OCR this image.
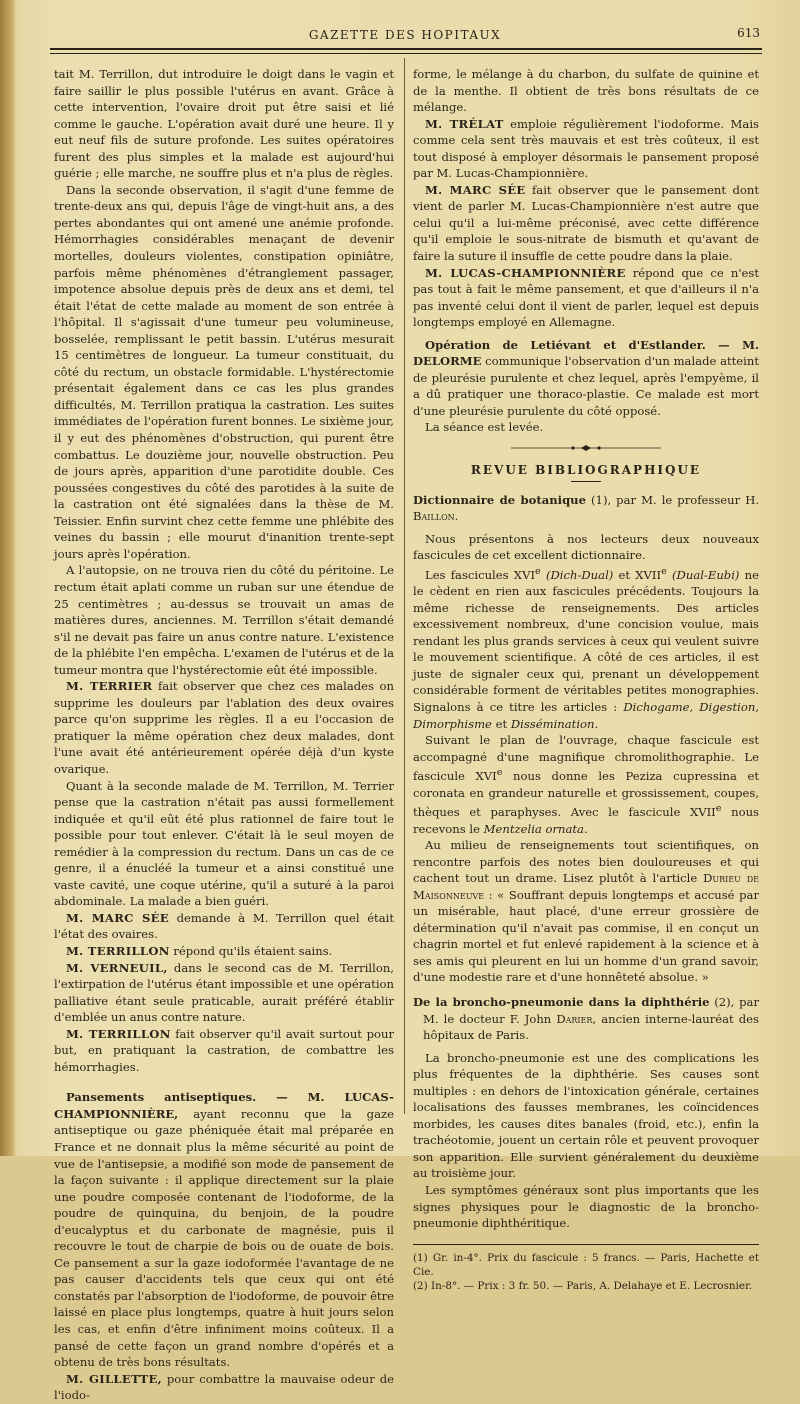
GAZETTE DES HOPITAUX	613

tait M. Terrillon, dut introduire le doigt dans le vagin et faire saillir le plus possible l'utérus en avant. Grâce à cette intervention, l'ovaire droit put être saisi et lié comme le gauche. L'opération avait duré une heure. Il y eut neuf fils de suture profonde. Les suites opératoires furent des plus simples et la malade est aujourd'hui guérie ; elle marche, ne souffre plus et n'a plus de règles.

Dans la seconde observation, il s'agit d'une femme de trente-deux ans qui, depuis l'âge de vingt-huit ans, a des pertes abondantes qui ont amené une anémie profonde. Hémorrhagies considérables menaçant de devenir mortelles, douleurs violentes, constipation opiniâtre, parfois même phénomènes d'étranglement passager, impotence absolue depuis près de deux ans et demi, tel était l'état de cette malade au moment de son entrée à l'hôpital. Il s'agissait d'une tumeur peu volumineuse, bosselée, remplissant le petit bassin. L'utérus mesurait 15 centimètres de longueur. La tumeur constituait, du côté du rectum, un obstacle formidable. L'hystérectomie présentait également dans ce cas les plus grandes difficultés, M. Terrillon pratiqua la castration. Les suites immédiates de l'opération furent bonnes. Le sixième jour, il y eut des phénomènes d'obstruction, qui purent être combattus. Le douzième jour, nouvelle obstruction. Peu de jours après, apparition d'une parotidite double. Ces poussées congestives du côté des parotides à la suite de la castration ont été signalées dans la thèse de M. Teissier. Enfin survint chez cette femme une phlébite des veines du bassin ; elle mourut d'inanition trente-sept jours après l'opération.

A l'autopsie, on ne trouva rien du côté du péritoine. Le rectum était aplati comme un ruban sur une étendue de 25 centimètres ; au-dessus se trouvait un amas de matières dures, anciennes. M. Terrillon s'était demandé s'il ne devait pas faire un anus contre nature. L'existence de la phlébite l'en empêcha. L'examen de l'utérus et de la tumeur montra que l'hystérectomie eût été impossible.

M. TERRIER fait observer que chez ces malades on supprime les douleurs par l'ablation des deux ovaires parce qu'on supprime les règles. Il a eu l'occasion de pratiquer la même opération chez deux malades, dont l'une avait été antérieurement opérée déjà d'un kyste ovarique.

Quant à la seconde malade de M. Terrillon, M. Terrier pense que la castration n'était pas aussi formellement indiquée et qu'il eût été plus rationnel de faire tout le possible pour tout enlever. C'était là le seul moyen de remédier à la compression du rectum. Dans un cas de ce genre, il a énucléé la tumeur et a ainsi constitué une vaste cavité, une coque utérine, qu'il a suturé à la paroi abdominale. La malade a bien guéri.

M. MARC SÉE demande à M. Terrillon quel était l'état des ovaires.

M. TERRILLON répond qu'ils étaient sains.

M. VERNEUIL, dans le second cas de M. Terrillon, l'extirpation de l'utérus étant impossible et une opération palliative étant seule praticable, aurait préféré établir d'emblée un anus contre nature.

M. TERRILLON fait observer qu'il avait surtout pour but, en pratiquant la castration, de combattre les hémorrhagies.

Pansements antiseptiques. — M. LUCAS-CHAMPIONNIÈRE, ayant reconnu que la gaze antiseptique ou gaze phéniquée était mal préparée en France et ne donnait plus la même sécurité au point de vue de l'antisepsie, a modifié son mode de pansement de la façon suivante : il applique directement sur la plaie une poudre composée contenant de l'iodoforme, de la poudre de quinquina, du benjoin, de la poudre d'eucalyptus et du carbonate de magnésie, puis il recouvre le tout de charpie de bois ou de ouate de bois. Ce pansement a sur la gaze iodoformée l'avantage de ne pas causer d'accidents tels que ceux qui ont été constatés par l'absorption de l'iodoforme, de pouvoir être laissé en place plus longtemps, quatre à huit jours selon les cas, et enfin d'être infiniment moins coûteux. Il a pansé de cette façon un grand nombre d'opérés et a obtenu de très bons résultats.

M. GILLETTE, pour combattre la mauvaise odeur de l'iodo-

forme, le mélange à du charbon, du sulfate de quinine et de la menthe. Il obtient de très bons résultats de ce mélange.

M. TRÉLAT emploie régulièrement l'iodoforme. Mais comme cela sent très mauvais et est très coûteux, il est tout disposé à employer désormais le pansement proposé par M. Lucas-Championnière.

M. MARC SÉE fait observer que le pansement dont vient de parler M. Lucas-Championnière n'est autre que celui qu'il a lui-même préconisé, avec cette différence qu'il emploie le sous-nitrate de bismuth et qu'avant de faire la suture il insuffle de cette poudre dans la plaie.

M. LUCAS-CHAMPIONNIÈRE répond que ce n'est pas tout à fait le même pansement, et que d'ailleurs il n'a pas inventé celui dont il vient de parler, lequel est depuis longtemps employé en Allemagne.

Opération de Letiévant et d'Estlander. — M. DELORME communique l'observation d'un malade atteint de pleurésie purulente et chez lequel, après l'empyème, il a dû pratiquer une thoraco-plastie. Ce malade est mort d'une pleurésie purulente du côté opposé.

La séance est levée.

REVUE BIBLIOGRAPHIQUE

Dictionnaire de botanique (1), par M. le professeur H. Baillon.

Nous présentons à nos lecteurs deux nouveaux fascicules de cet excellent dictionnaire.

Les fascicules XVIe (Dich-Dual) et XVIIe (Dual-Eubi) ne le cèdent en rien aux fascicules précédents. Toujours la même richesse de renseignements. Des articles excessivement nombreux, d'une concision voulue, mais rendant les plus grands services à ceux qui veulent suivre le mouvement scientifique. A côté de ces articles, il est juste de signaler ceux qui, prenant un développement considérable forment de véritables petites monographies. Signalons à ce titre les articles : Dichogame, Digestion, Dimorphisme et Dissémination.

Suivant le plan de l'ouvrage, chaque fascicule est accompagné d'une magnifique chromolithographie. Le fascicule XVIe nous donne les Peziza cupressina et coronata en grandeur naturelle et grossissement, coupes, thèques et paraphyses. Avec le fascicule XVIIe nous recevons le Mentzelia ornata.

Au milieu de renseignements tout scientifiques, on rencontre parfois des notes bien douloureuses et qui cachent tout un drame. Lisez plutôt à l'article Durieu de Maisonneuve : « Souffrant depuis longtemps et accusé par un misérable, haut placé, d'une erreur grossière de détermination qu'il n'avait pas commise, il en conçut un chagrin mortel et fut enlevé rapidement à la science et à ses amis qui pleurent en lui un homme d'un grand savoir, d'une modestie rare et d'une honnêteté absolue. »

De la broncho-pneumonie dans la diphthérie (2), par M. le docteur F. John Darier, ancien interne-lauréat des hôpitaux de Paris.

La broncho-pneumonie est une des complications les plus fréquentes de la diphthérie. Ses causes sont multiples : en dehors de l'intoxication générale, certaines localisations des fausses membranes, les coïncidences morbides, les causes dites banales (froid, etc.), enfin la trachéotomie, jouent un certain rôle et peuvent provoquer son apparition. Elle survient généralement du deuxième au troisième jour.

Les symptômes généraux sont plus importants que les signes physiques pour le diagnostic de la broncho-pneumonie diphthéritique.

(1) Gr. in-4°. Prix du fascicule : 5 francs. — Paris, Hachette et Cie.

(2) In-8°. — Prix : 3 fr. 50. — Paris, A. Delahaye et E. Lecrosnier.
